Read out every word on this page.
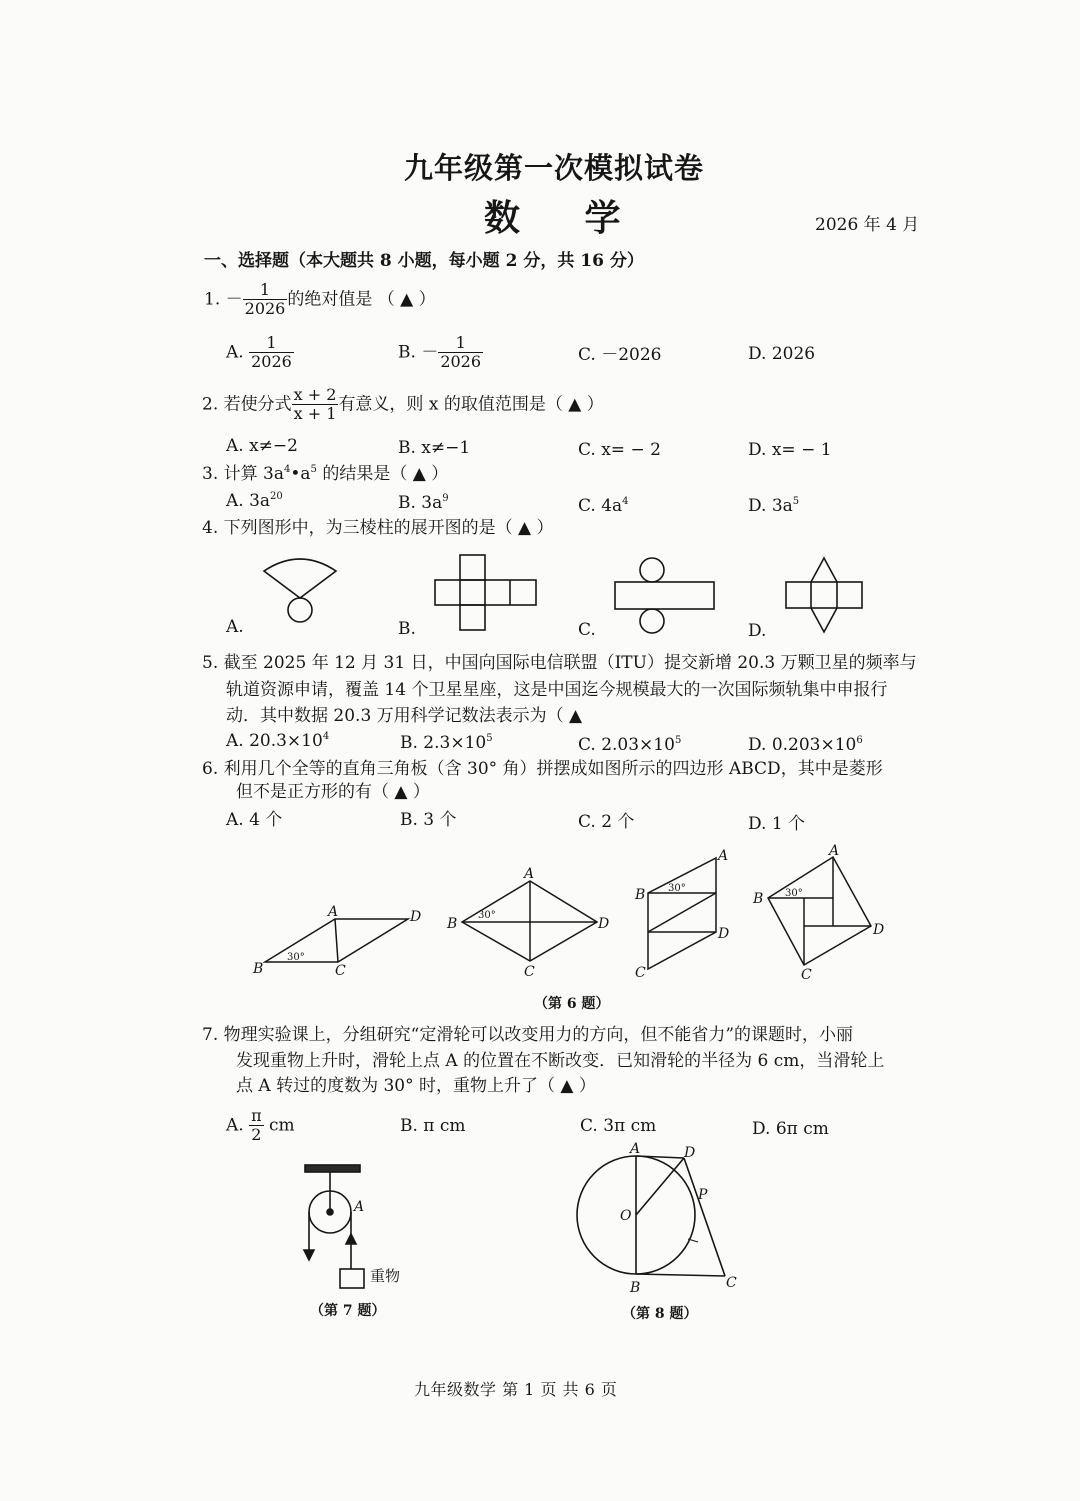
九年级第一次模拟试卷
数 学	2026 年 4 月
一、选择题（本大题共 8 小题，每小题 2 分，共 16 分）
1. － $\frac{1}{2026}$ 的绝对值是 （ ▲ ）
A. $\frac{1}{2026}$	B. － $\frac{1}{2026}$	C. －2026	D. 2026
2. 若使分式 $\frac{x + 2}{x + 1}$ 有意义，则 x 的取值范围是（ ▲ ）
A. x≠−2	B. x≠−1	C. x= − 2	D. x= − 1
3. 计算 $3a^4•a^5$ 的结果是（ ▲ ）
A. $3a^{20}$	B. $3a^9$	C. $4a^4$	D. $3a^5$
4. 下列图形中，为三棱柱的展开图的是（ ▲ ）
A.	B.	C.	D.
5. 截至 2025 年 12 月 31 日，中国向国际电信联盟（ITU）提交新增 20.3 万颗卫星的频率与
轨道资源申请，覆盖 14 个卫星星座，这是中国迄今规模最大的一次国际频轨集中申报行
动．其中数据 20.3 万用科学记数法表示为（ ▲
A. $20.3\times 10^4$	B. $2.3\times 10^5$	C. $2.03\times 10^5$	D. $0.203\times 10^6$
6. 利用几个全等的直角三角板（含 30° 角）拼摆成如图所示的四边形 ABCD，其中是菱形
但不是正方形的有（ ▲ ）
A. 4 个	B. 3 个	C. 2 个	D. 1 个
A	D
B	C
30°
A
B	D
C
30°
A
B
D
C
30°
A
B
D
C
30°
（第 6 题）
7. 物理实验课上，分组研究“定滑轮可以改变用力的方向，但不能省力”的课题时，小丽
发现重物上升时，滑轮上点 A 的位置在不断改变．已知滑轮的半径为 6 cm，当滑轮上
点 A 转过的度数为 30° 时，重物上升了（ ▲ ）
A. $\frac{\pi}{2}$ cm	B. π cm	C. 3π cm	D. 6π cm
A
重物
（第 7 题）
A	D
P
O
B	C
（第 8 题）
九年级数学 第 1 页 共 6 页
